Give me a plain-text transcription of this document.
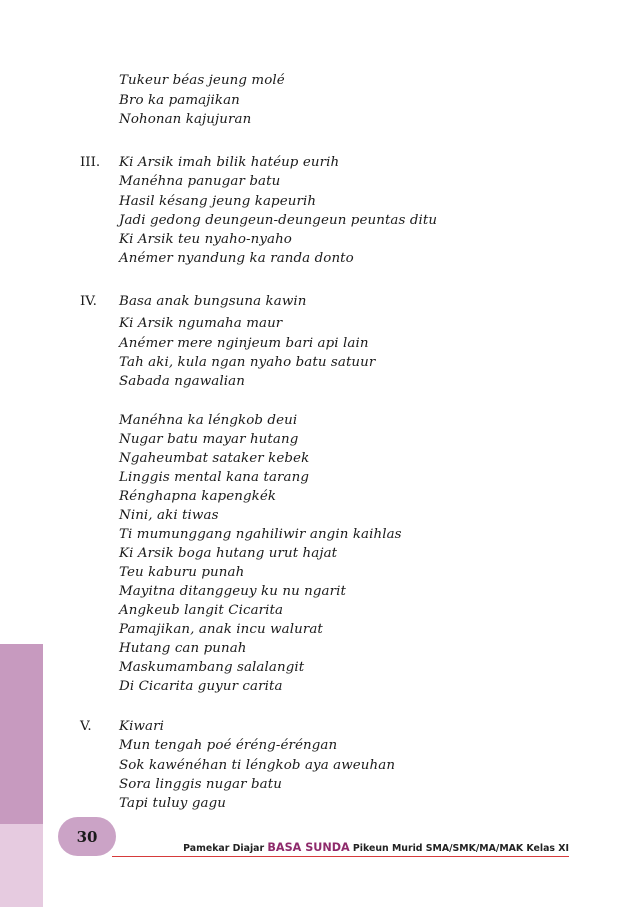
Tukeur béas jeung molé
Bro ka pamajikan
Nohonan kajujuran
III. Ki Arsik imah bilik hatéup eurih
Manéhna panugar batu
Hasil késang jeung kapeurih
Jadi gedong deungeun-deungeun peuntas ditu
Ki Arsik teu nyaho-nyaho
Anémer nyandung ka randa donto
IV. Basa anak bungsuna kawin
Ki Arsik ngumaha maur
Anémer mere nginjeum bari api lain
Tah aki, kula ngan nyaho batu satuur
Sabada ngawalian
Manéhna ka léngkob deui
Nugar batu mayar hutang
Ngaheumbat sataker kebek
Linggis mental kana tarang
Rénghapna kapengkék
Nini, aki tiwas
Ti mumunggang ngahiliwir angin kaihlas
Ki Arsik boga hutang urut hajat
Teu kaburu punah
Mayitna ditanggeuy ku nu ngarit
Angkeub langit Cicarita
Pamajikan, anak incu walurat
Hutang can punah
Maskumambang salalangit
Di Cicarita guyur carita
V. Kiwari
Mun tengah poé éréng-éréngan
Sok kawénéhan ti léngkob aya aweuhan
Sora linggis nugar batu
Tapi tuluy gagu
30
Pamekar Diajar BASA SUNDA Pikeun Murid SMA/SMK/MA/MAK Kelas XI
